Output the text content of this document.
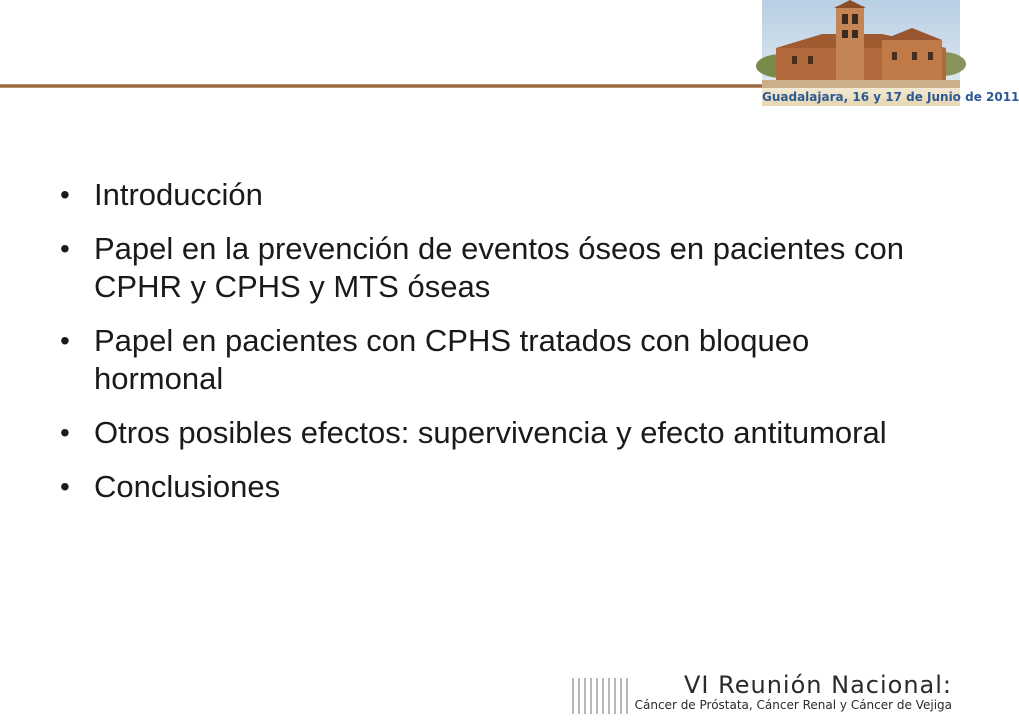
Guadalajara, 16 y 17 de Junio de 2011
• Introducción
• Papel en la prevención de eventos óseos en pacientes con CPHR y CPHS y MTS óseas
• Papel en pacientes con CPHS tratados con bloqueo hormonal
• Otros posibles efectos: supervivencia y efecto antitumoral
• Conclusiones
VI Reunión Nacional:
Cáncer de Próstata, Cáncer Renal y Cáncer de Vejiga
